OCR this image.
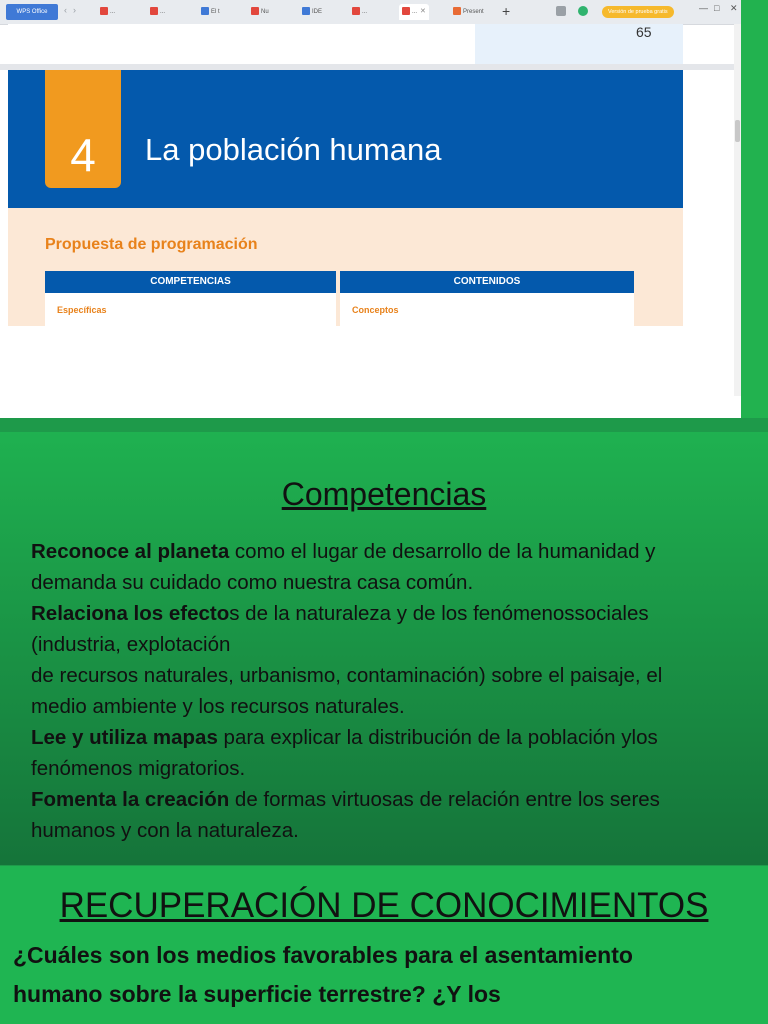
WPS Office	‹ ›	...	...	El t	Nu	IDE	...	... ✕	Present +	Versión de prueba gratis	— □ ✕
65
4	La población humana
Propuesta de programación
COMPETENCIAS	CONTENIDOS
Específicas	Conceptos
Competencias
Reconoce al planeta como el lugar de desarrollo de la humanidad y
demanda su cuidado como nuestra casa común.
Relaciona los efectos de la naturaleza y de los fenómenossociales
(industria, explotación
de recursos naturales, urbanismo, contaminación) sobre el paisaje, el
medio ambiente y los recursos naturales.
Lee y utiliza mapas para explicar la distribución de la población ylos
fenómenos migratorios.
Fomenta la creación de formas virtuosas de relación entre los seres
humanos y con la naturaleza.
RECUPERACIÓN DE CONOCIMIENTOS
¿Cuáles son los medios favorables para el asentamiento
humano sobre la superficie terrestre? ¿Y los
